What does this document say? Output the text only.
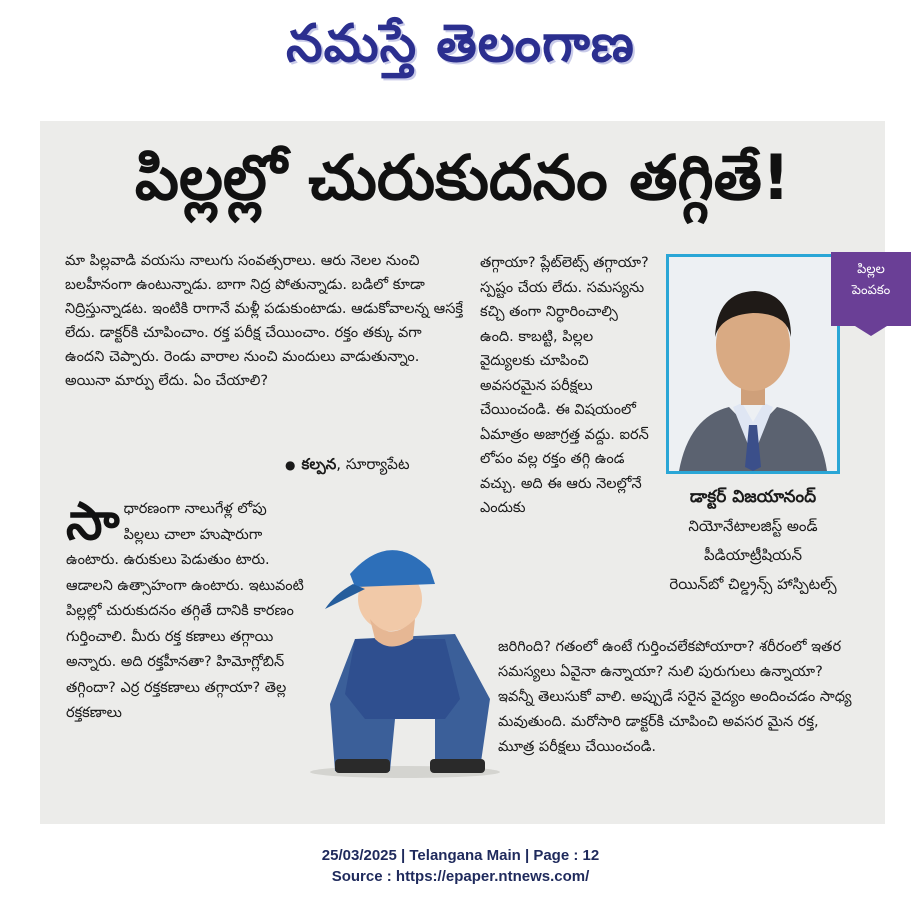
నమస్తే తెలంగాణ
పిల్లల్లో చురుకుదనం తగ్గితే!
మా పిల్లవాడి వయసు నాలుగు సంవత్సరాలు. ఆరు నెలల నుంచి బలహీనంగా ఉంటున్నాడు. బాగా నిద్ర పోతున్నాడు. బడిలో కూడా నిద్రిస్తున్నాడట. ఇంటికి రాగానే మళ్లీ పడుకుంటాడు. ఆడుకోవాలన్న ఆసక్తే లేదు. డాక్టర్‌కి చూపించాం. రక్త పరీక్ష చేయించాం. రక్తం తక్కు వగా ఉందని చెప్పారు. రెండు వారాల నుంచి మందులు వాడుతున్నాం. అయినా మార్పు లేదు. ఏం చేయాలి?
● కల్పన, సూర్యాపేట
సాధారణంగా నాలుగేళ్ల లోపు పిల్లలు చాలా హుషారుగా ఉంటారు. ఉరుకులు పెడుతుం టారు. ఆడాలని ఉత్సాహంగా ఉంటారు. ఇటువంటి పిల్లల్లో చురుకుదనం తగ్గితే దానికి కారణం గుర్తించాలి. మీరు రక్త కణాలు తగ్గాయి అన్నారు. అది రక్తహీనతా? హిమోగ్లోబిన్ తగ్గిందా? ఎర్ర రక్తకణాలు తగ్గాయా? తెల్ల రక్తకణాలు
తగ్గాయా? ప్లేట్‌లెట్స్ తగ్గాయా? స్పష్టం చేయ లేదు. సమస్యను కచ్చి తంగా నిర్ధారించాల్సి ఉంది. కాబట్టి, పిల్లల వైద్యులకు చూపించి అవసరమైన పరీక్షలు చేయించండి. ఈ విషయంలో ఏమాత్రం అజాగ్రత్త వద్దు. ఐరన్ లోపం వల్ల రక్తం తగ్గి ఉండ వచ్చు. అది ఈ ఆరు నెలల్లోనే ఎందుకు
పిల్లల
పెంపకం
డాక్టర్ విజయానంద్
నియోనేటాలజిస్ట్ అండ్
పీడియాట్రీషియన్
రెయిన్‌బో చిల్డ్రన్స్ హాస్పిటల్స్
జరిగింది? గతంలో ఉంటే గుర్తించలేకపోయారా? శరీరంలో ఇతర సమస్యలు ఏవైనా ఉన్నాయా? నులి పురుగులు ఉన్నాయా? ఇవన్నీ తెలుసుకో వాలి. అప్పుడే సరైన వైద్యం అందించడం సాధ్య మవుతుంది. మరోసారి డాక్టర్‌కి చూపించి అవసర మైన రక్త, మూత్ర పరీక్షలు చేయించండి.
25/03/2025 | Telangana Main | Page : 12
Source : https://epaper.ntnews.com/
